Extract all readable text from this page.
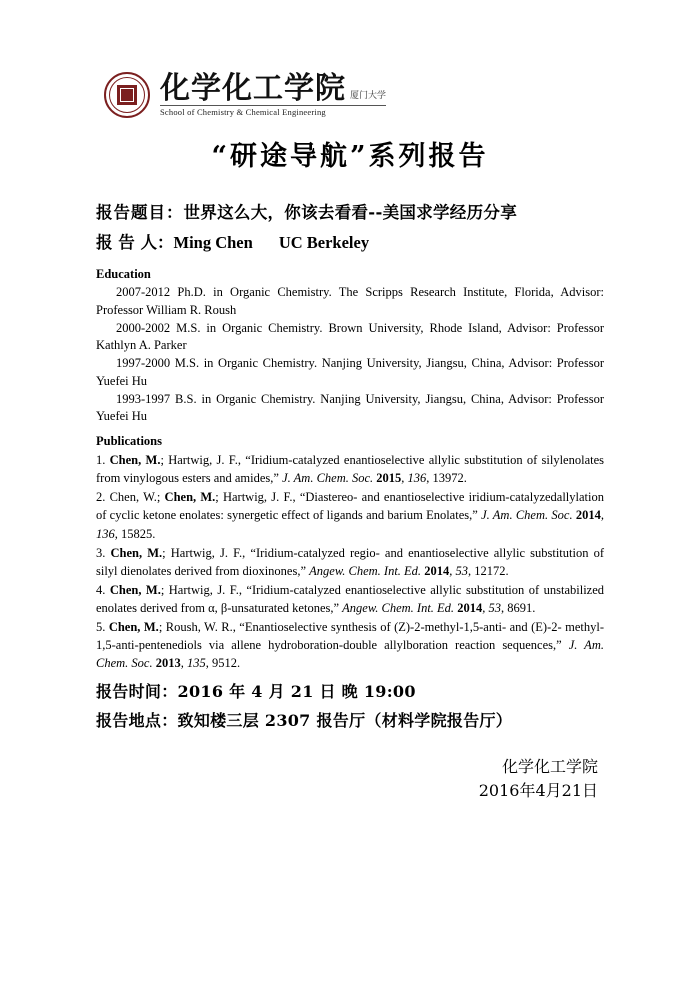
化学化工学院 厦门大学
School of Chemistry & Chemical Engineering
“研途导航”系列报告
报告题目：世界这么大，你该去看看--美国求学经历分享
报 告 人：Ming Chen UC Berkeley
Education

2007-2012 Ph.D. in Organic Chemistry. The Scripps Research Institute, Florida, Advisor: Professor William R. Roush

2000-2002 M.S. in Organic Chemistry. Brown University, Rhode Island, Advisor: Professor Kathlyn A. Parker

1997-2000 M.S. in Organic Chemistry. Nanjing University, Jiangsu, China, Advisor: Professor Yuefei Hu

1993-1997 B.S. in Organic Chemistry. Nanjing University, Jiangsu, China, Advisor: Professor Yuefei Hu

Publications
1. Chen, M.; Hartwig, J. F., “Iridium-catalyzed enantioselective allylic substitution of silylenolates from vinylogous esters and amides,” J. Am. Chem. Soc. 2015, 136, 13972.
2. Chen, W.; Chen, M.; Hartwig, J. F., “Diastereo- and enantioselective iridium-catalyzedallylation of cyclic ketone enolates: synergetic effect of ligands and barium Enolates,” J. Am. Chem. Soc. 2014, 136, 15825.
3. Chen, M.; Hartwig, J. F., “Iridium-catalyzed regio- and enantioselective allylic substitution of silyl dienolates derived from dioxinones,” Angew. Chem. Int. Ed. 2014, 53, 12172.
4. Chen, M.; Hartwig, J. F., “Iridium-catalyzed enantioselective allylic substitution of unstabilized enolates derived from α, β-unsaturated ketones,” Angew. Chem. Int. Ed. 2014, 53, 8691.
5. Chen, M.; Roush, W. R., “Enantioselective synthesis of (Z)-2-methyl-1,5-anti- and (E)-2- methyl-1,5-anti-pentenediols via allene hydroboration-double allylboration reaction sequences,” J. Am. Chem. Soc. 2013, 135, 9512.
报告时间：2016 年 4 月 21 日 晚 19:00
报告地点：致知楼三层 2307 报告厅（材料学院报告厅）
化学化工学院
2016年4月21日
